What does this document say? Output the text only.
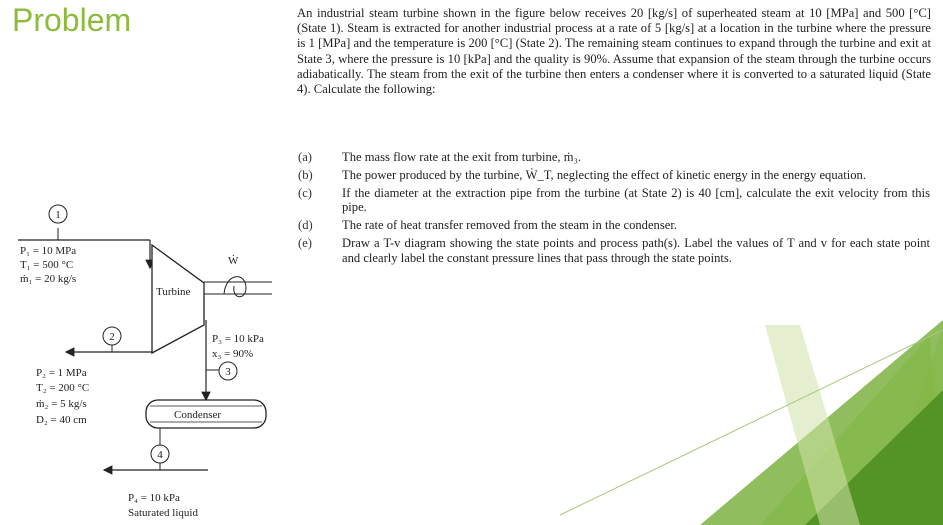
Problem	An industrial steam turbine shown in the figure below receives 20 [kg/s] of superheated steam at 10 [MPa] and 500 [°C] (State 1). Steam is extracted for another industrial process at a rate of 5 [kg/s] at a location in the turbine where the pressure is 1 [MPa] and the temperature is 200 [°C] (State 2). The remaining steam continues to expand through the turbine and exit at State 3, where the pressure is 10 [kPa] and the quality is 90%. Assume that expansion of the steam through the turbine occurs adiabatically. The steam from the exit of the turbine then enters a condenser where it is converted to a saturated liquid (State 4). Calculate the following:

(a)	The mass flow rate at the exit from turbine, ṁ₃.
(b)	The power produced by the turbine, Ẇ_T, neglecting the effect of kinetic energy in the energy equation.
(c)	If the diameter at the extraction pipe from the turbine (at State 2) is 40 [cm], calculate the exit velocity from this pipe.
(d)	The rate of heat transfer removed from the steam in the condenser.
(e)	Draw a T-v diagram showing the state points and process path(s). Label the values of T and v for each state point and clearly label the constant pressure lines that pass through the state points.
1
P₁ = 10 MPa
T₁ = 500 °C
ṁ₁ = 20 kg/s
Turbine
Ẇ
2
P₂ = 1 MPa
T₂ = 200 °C
ṁ₂ = 5 kg/s
D₂ = 40 cm
3
P₃ = 10 kPa
x₃ = 90%
Condenser
4
P₄ = 10 kPa
Saturated liquid
